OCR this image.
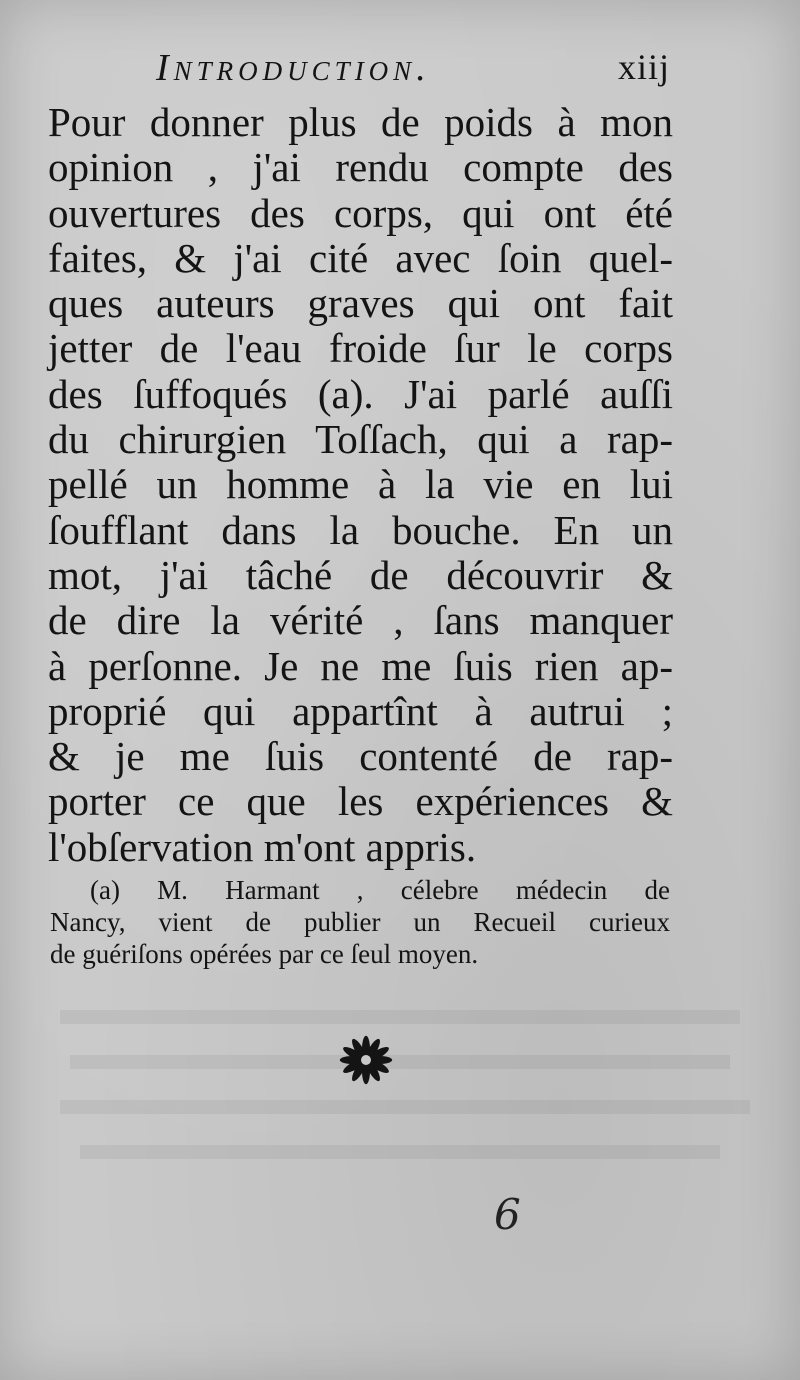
Introduction.	xiij
Pour donner plus de poids à mon
opinion , j'ai rendu compte des
ouvertures des corps, qui ont été
faites, & j'ai cité avec ſoin quel-
ques auteurs graves qui ont fait
jetter de l'eau froide ſur le corps
des ſuffoqués (a). J'ai parlé auſſi
du chirurgien Toſſach, qui a rap-
pellé un homme à la vie en lui
ſoufflant dans la bouche. En un
mot, j'ai tâché de découvrir &
de dire la vérité , ſans manquer
à perſonne. Je ne me ſuis rien ap-
proprié qui appartînt à autrui ;
& je me ſuis contenté de rap-
porter ce que les expériences &
l'obſervation m'ont appris.
(a) M. Harmant , célebre médecin de
Nancy, vient de publier un Recueil curieux
de guériſons opérées par ce ſeul moyen.
6
